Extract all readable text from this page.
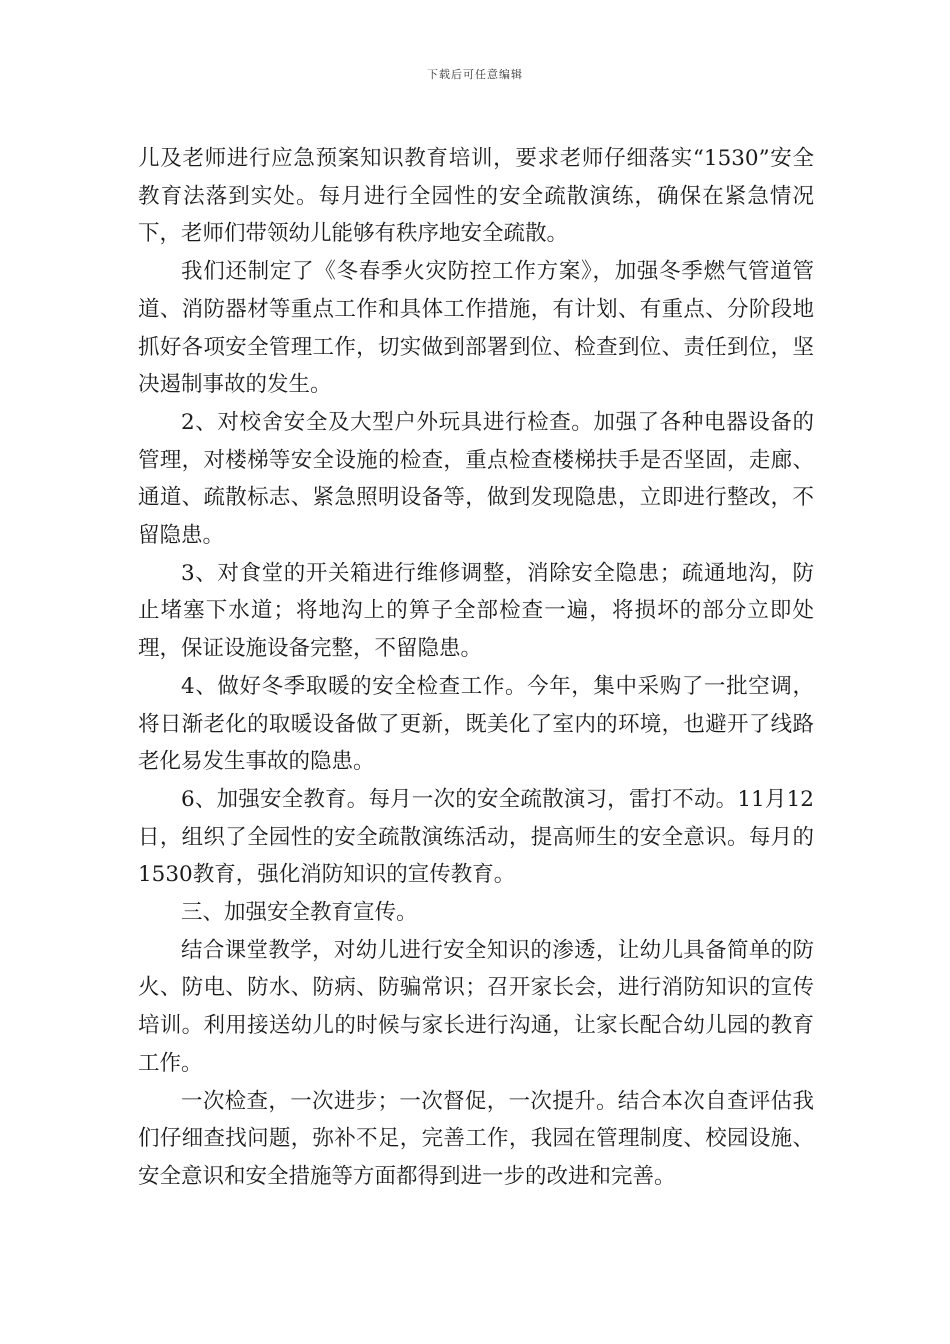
下载后可任意编辑

儿及老师进行应急预案知识教育培训，要求老师仔细落实“1530”安全教育法落到实处。每月进行全园性的安全疏散演练，确保在紧急情况下，老师们带领幼儿能够有秩序地安全疏散。

我们还制定了《冬春季火灾防控工作方案》，加强冬季燃气管道管道、消防器材等重点工作和具体工作措施，有计划、有重点、分阶段地抓好各项安全管理工作，切实做到部署到位、检查到位、责任到位，坚决遏制事故的发生。

2、对校舍安全及大型户外玩具进行检查。加强了各种电器设备的管理，对楼梯等安全设施的检查，重点检查楼梯扶手是否坚固，走廊、通道、疏散标志、紧急照明设备等，做到发现隐患，立即进行整改，不留隐患。

3、对食堂的开关箱进行维修调整，消除安全隐患；疏通地沟，防止堵塞下水道；将地沟上的箅子全部检查一遍，将损坏的部分立即处理，保证设施设备完整，不留隐患。

4、做好冬季取暖的安全检查工作。今年，集中采购了一批空调，将日渐老化的取暖设备做了更新，既美化了室内的环境，也避开了线路老化易发生事故的隐患。

6、加强安全教育。每月一次的安全疏散演习，雷打不动。11月12日，组织了全园性的安全疏散演练活动，提高师生的安全意识。每月的1530教育，强化消防知识的宣传教育。

三、加强安全教育宣传。

结合课堂教学，对幼儿进行安全知识的渗透，让幼儿具备简单的防火、防电、防水、防病、防骗常识；召开家长会，进行消防知识的宣传培训。利用接送幼儿的时候与家长进行沟通，让家长配合幼儿园的教育工作。

一次检查，一次进步；一次督促，一次提升。结合本次自查评估我们仔细查找问题，弥补不足，完善工作，我园在管理制度、校园设施、安全意识和安全措施等方面都得到进一步的改进和完善。
